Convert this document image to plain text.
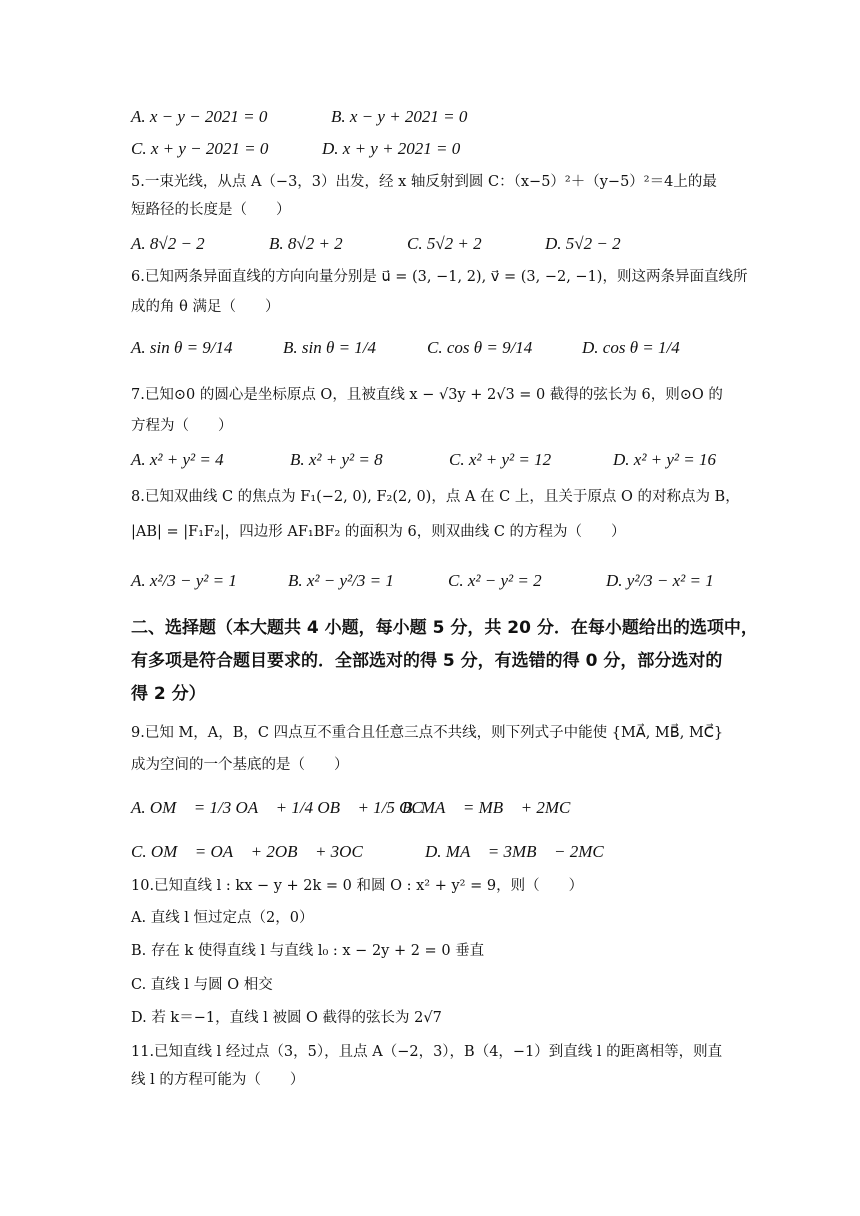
A. x − y − 2021 = 0	B. x − y + 2021 = 0
C. x + y − 2021 = 0	D. x + y + 2021 = 0
5.一束光线，从点 A（−3，3）出发，经 x 轴反射到圆 C：（x−5）²＋（y−5）²＝4上的最
短路径的长度是（　　）
A. 8√2 − 2	B. 8√2 + 2	C. 5√2 + 2	D. 5√2 − 2
6.已知两条异面直线的方向向量分别是 u⃗ = (3, −1, 2), v⃗ = (3, −2, −1)，则这两条异面直线所
成的角 θ 满足（　　）
A. sin θ = 9/14	B. sin θ = 1/4	C. cos θ = 9/14	D. cos θ = 1/4
7.已知⊙0 的圆心是坐标原点 O，且被直线 x − √3y + 2√3 = 0 截得的弦长为 6，则⊙O 的
方程为（　　）
A. x² + y² = 4	B. x² + y² = 8	C. x² + y² = 12	D. x² + y² = 16
8.已知双曲线 C 的焦点为 F₁(−2, 0), F₂(2, 0)，点 A 在 C 上，且关于原点 O 的对称点为 B，
|AB| = |F₁F₂|，四边形 AF₁BF₂ 的面积为 6，则双曲线 C 的方程为（　　）
A. x²/3 − y² = 1	B. x² − y²/3 = 1	C. x² − y² = 2	D. y²/3 − x² = 1
二、选择题（本大题共 4 小题，每小题 5 分，共 20 分．在每小题给出的选项中，
有多项是符合题目要求的．全部选对的得 5 分，有选错的得 0 分，部分选对的
得 2 分）
9.已知 M，A，B，C 四点互不重合且任意三点不共线，则下列式子中能使 {MA⃗, MB⃗, MC⃗}
成为空间的一个基底的是（　　）
A. OM⃗ = 1/3 OA⃗ + 1/4 OB⃗ + 1/5 OC⃗
B. MA⃗ = MB⃗ + 2MC⃗
C. OM⃗ = OA⃗ + 2OB⃗ + 3OC⃗	D. MA⃗ = 3MB⃗ − 2MC⃗
10.已知直线 l : kx − y + 2k = 0 和圆 O : x² + y² = 9，则（　　）
A. 直线 l 恒过定点（2，0）
B. 存在 k 使得直线 l 与直线 l₀ : x − 2y + 2 = 0 垂直
C. 直线 l 与圆 O 相交
D. 若 k＝−1，直线 l 被圆 O 截得的弦长为 2√7
11.已知直线 l 经过点（3，5），且点 A（−2，3），B（4，−1）到直线 l 的距离相等，则直
线 l 的方程可能为（　　）
